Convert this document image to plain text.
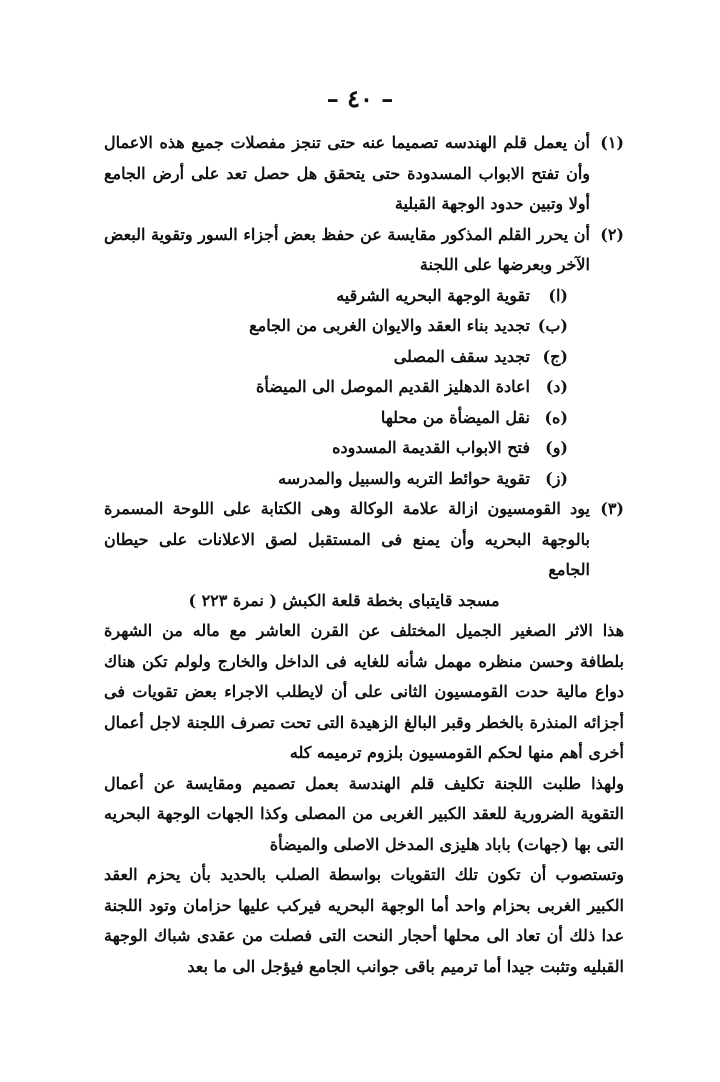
– ٤٠ –
(١)
أن يعمل قلم الهندسه تصميما عنه حتى تنجز مفصلات جميع هذه الاعمال وأن تفتح الابواب المسدودة حتى يتحقق هل حصل تعد على أرض الجامع أولا وتبين حدود الوجهة القبلية
(٢)
أن يحرر القلم المذكور مقايسة عن حفظ بعض أجزاء السور وتقوية البعض الآخر وبعرضها على اللجنة
(ا)
تقوية الوجهة البحريه الشرقيه
(ب)
تجديد بناء العقد والايوان الغربى من الجامع
(ج)
تجديد سقف المصلى
(د)
اعادة الدهليز القديم الموصل الى الميضأة
(ه)
نقل الميضأة من محلها
(و)
فتح الابواب القديمة المسدوده
(ز)
تقوية حوائط التربه والسبيل والمدرسه
(٣)
يود القومسيون ازالة علامة الوكالة وهى الكتابة على اللوحة المسمرة بالوجهة البحريه وأن يمنع فى المستقبل لصق الاعلانات على حيطان الجامع
مسجد قايتباى بخطة قلعة الكبش ( نمرة ٢٢٣ )
هذا الاثر الصغير الجميل المختلف عن القرن العاشر مع ماله من الشهرة بلطافة وحسن منظره مهمل شأنه للغايه فى الداخل والخارج ولولم تكن هناك دواع مالية حدت القومسيون الثانى على أن لايطلب الاجراء بعض تقويات فى أجزائه المنذرة بالخطر وقبر البالغ الزهيدة التى تحت تصرف اللجنة لاجل أعمال أخرى أهم منها لحكم القومسيون بلزوم ترميمه كله
ولهذا طلبت اللجنة تكليف قلم الهندسة بعمل تصميم ومقايسة عن أعمال التقوية الضرورية للعقد الكبير الغربى من المصلى وكذا الجهات الوجهة البحريه التى بها (جهات) باباد هليزى المدخل الاصلى والميضأة
وتستصوب أن تكون تلك التقويات بواسطة الصلب بالحديد بأن يحزم العقد الكبير الغربى بحزام واحد أما الوجهة البحريه فيركب عليها حزامان وتود اللجنة عدا ذلك أن تعاد الى محلها أحجار النحت التى فصلت من عقدى شباك الوجهة القبليه وتثبت جيدا أما ترميم باقى جوانب الجامع فيؤجل الى ما بعد
